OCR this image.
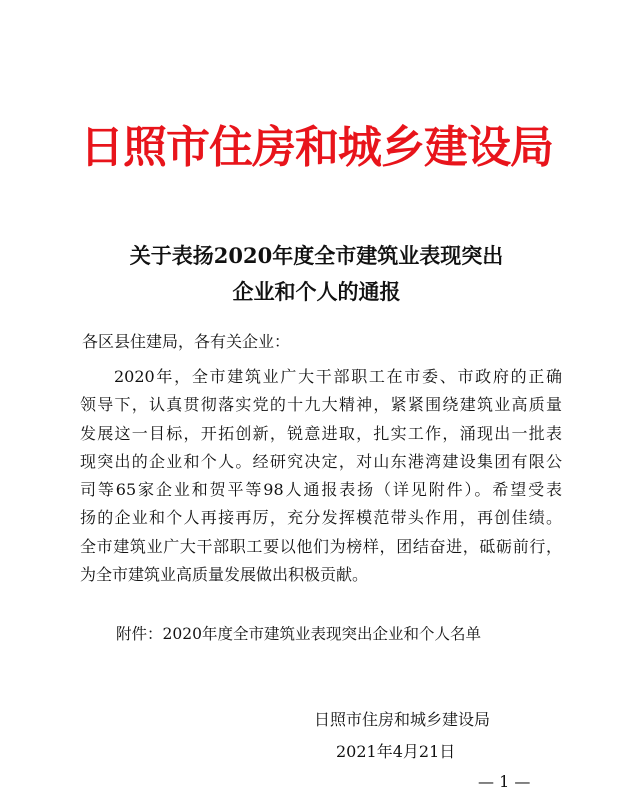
日照市住房和城乡建设局
关于表扬2020年度全市建筑业表现突出
企业和个人的通报
各区县住建局，各有关企业：
2020年，全市建筑业广大干部职工在市委、市政府的正确
领导下，认真贯彻落实党的十九大精神，紧紧围绕建筑业高质量
发展这一目标，开拓创新，锐意进取，扎实工作，涌现出一批表
现突出的企业和个人。经研究决定，对山东港湾建设集团有限公
司等65家企业和贺平等98人通报表扬（详见附件）。希望受表
扬的企业和个人再接再厉，充分发挥模范带头作用，再创佳绩。
全市建筑业广大干部职工要以他们为榜样，团结奋进，砥砺前行，
为全市建筑业高质量发展做出积极贡献。
附件：2020年度全市建筑业表现突出企业和个人名单
日照市住房和城乡建设局
2021年4月21日
— 1 —
